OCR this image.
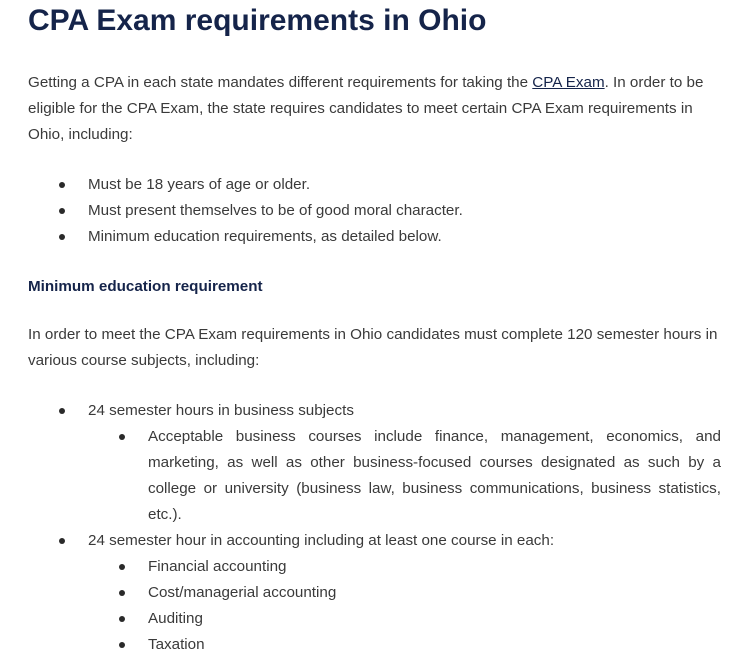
CPA Exam requirements in Ohio

Getting a CPA in each state mandates different requirements for taking the CPA Exam. In order to be eligible for the CPA Exam, the state requires candidates to meet certain CPA Exam requirements in Ohio, including:

Must be 18 years of age or older.
Must present themselves to be of good moral character.
Minimum education requirements, as detailed below.
Minimum education requirement

In order to meet the CPA Exam requirements in Ohio candidates must complete 120 semester hours in various course subjects, including:

24 semester hours in business subjects
Acceptable business courses include finance, management, economics, and marketing, as well as other business-focused courses designated as such by a college or university (business law, business communications, business statistics, etc.).
24 semester hour in accounting including at least one course in each:
Financial accounting
Cost/managerial accounting
Auditing
Taxation
